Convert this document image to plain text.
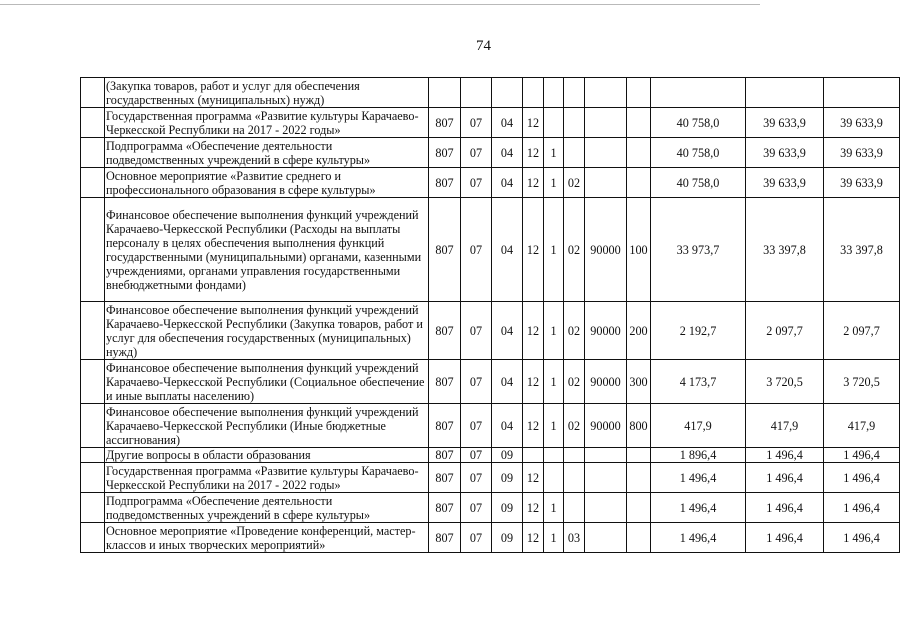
74
	(Закупка товаров, работ и услуг для обеспечения государственных (муниципальных) нужд)											
	Государственная программа «Развитие культуры Карачаево-Черкесской Республики на 2017 - 2022 годы»	807	07	04	12					40 758,0	39 633,9	39 633,9
	Подпрограмма «Обеспечение деятельности подведомственных учреждений в сфере культуры»	807	07	04	12	1				40 758,0	39 633,9	39 633,9
	Основное мероприятие «Развитие среднего и профессионального образования в сфере культуры»	807	07	04	12	1	02			40 758,0	39 633,9	39 633,9
	Финансовое обеспечение выполнения функций учреждений Карачаево-Черкесской Республики (Расходы на выплаты персоналу в целях обеспечения выполнения функций государственными (муниципальными) органами, казенными учреждениями, органами управления государственными внебюджетными фондами)	807	07	04	12	1	02	90000	100	33 973,7	33 397,8	33 397,8
	Финансовое обеспечение выполнения функций учреждений Карачаево-Черкесской Республики (Закупка товаров, работ и услуг для обеспечения государственных (муниципальных) нужд)	807	07	04	12	1	02	90000	200	2 192,7	2 097,7	2 097,7
	Финансовое обеспечение выполнения функций учреждений Карачаево-Черкесской Республики (Социальное обеспечение и иные выплаты населению)	807	07	04	12	1	02	90000	300	4 173,7	3 720,5	3 720,5
	Финансовое обеспечение выполнения функций учреждений Карачаево-Черкесской Республики (Иные бюджетные ассигнования)	807	07	04	12	1	02	90000	800	417,9	417,9	417,9
	Другие вопросы в области образования	807	07	09						1 896,4	1 496,4	1 496,4
	Государственная программа «Развитие культуры Карачаево-Черкесской Республики на 2017 - 2022 годы»	807	07	09	12					1 496,4	1 496,4	1 496,4
	Подпрограмма «Обеспечение деятельности подведомственных учреждений в сфере культуры»	807	07	09	12	1				1 496,4	1 496,4	1 496,4
	Основное мероприятие «Проведение конференций, мастер-классов и иных творческих мероприятий»	807	07	09	12	1	03			1 496,4	1 496,4	1 496,4
